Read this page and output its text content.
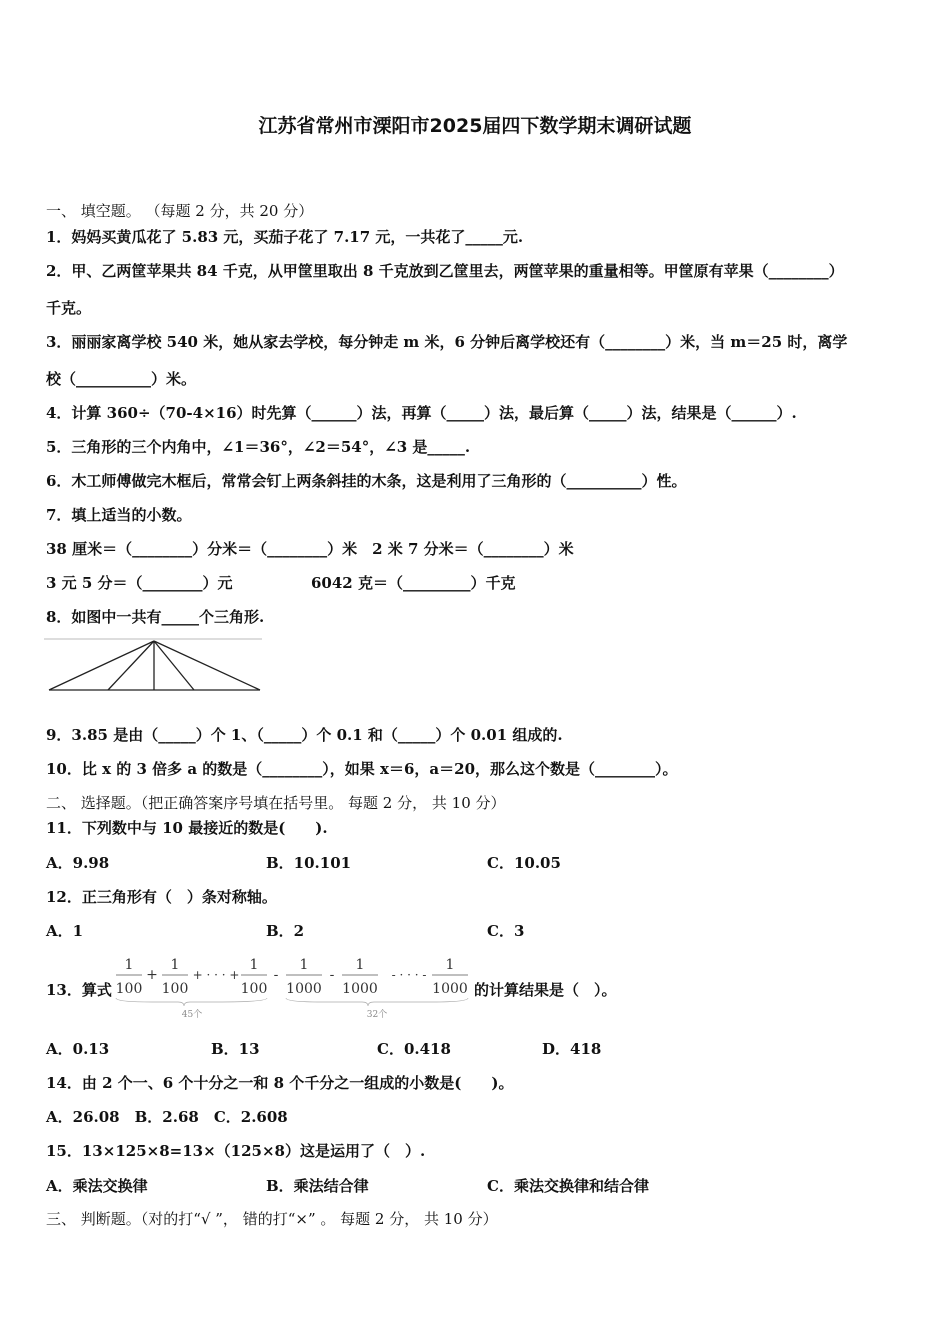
江苏省常州市溧阳市2025届四下数学期末调研试题
一、 填空题。 （每题 2 分，共 20 分）
1．妈妈买黄瓜花了 5.83 元，买茄子花了 7.17 元，一共花了_____元.
2．甲、乙两筐苹果共 84 千克，从甲筐里取出 8 千克放到乙筐里去，两筐苹果的重量相等。甲筐原有苹果（________）
千克。
3．丽丽家离学校 540 米，她从家去学校，每分钟走 m 米，6 分钟后离学校还有（________）米，当 m＝25 时，离学
校（__________）米。
4．计算 360÷（70-4×16）时先算（______）法，再算（_____）法，最后算（_____）法，结果是（______）.
5．三角形的三个内角中，∠1＝36°，∠2＝54°，∠3 是_____.
6．木工师傅做完木框后，常常会钉上两条斜挂的木条，这是利用了三角形的（__________）性。
7．填上适当的小数。
38 厘米＝（________）分米＝（________）米　2 米 7 分米＝（________）米
3 元 5 分＝（________）元	6042 克＝（_________）千克
8．如图中一共有_____个三角形.
9．3.85 是由（_____）个 1、（_____）个 0.1 和（_____）个 0.01 组成的.
10．比 x 的 3 倍多 a 的数是（________），如果 x＝6，a＝20，那么这个数是（________）。
二、 选择题。（把正确答案序号填在括号里。 每题 2 分， 共 10 分）
11．下列数中与 10 最接近的数是(　　).
A．9.98	B．10.101	C．10.05
12．正三角形有（　）条对称轴。
A．1	B．2	C．3
13．算式
1
100
+
1
100
+ · · · +
1
100
-
1
1000
-
1
1000
- · · · -
1
1000
45个	32个
的计算结果是（　）。
A．0.13	B．13	C．0.418	D．418
14．由 2 个一、6 个十分之一和 8 个千分之一组成的小数是(　　)。
A．26.08　B．2.68　C．2.608
15．13×125×8=13×（125×8）这是运用了（　）.
A．乘法交换律	B．乘法结合律	C．乘法交换律和结合律
三、 判断题。（对的打“√ ”， 错的打“×” 。 每题 2 分， 共 10 分）
